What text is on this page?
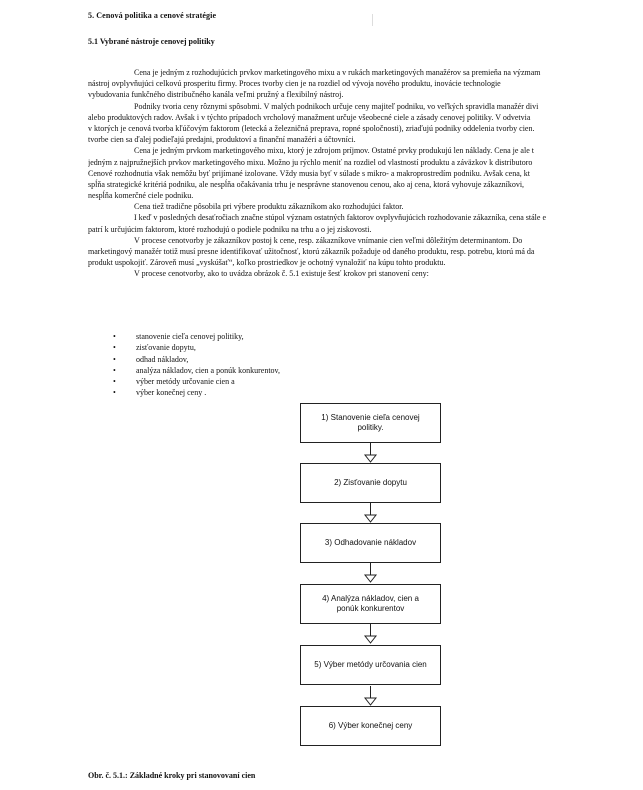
5. Cenová politika a cenové stratégie
5.1 Vybrané nástroje cenovej politiky
Cena je jedným z rozhodujúcich prvkov marketingového mixu a v rukách marketingových manažérov sa premieňa na výzmam
nástroj ovplyvňujúci celkovú prosperitu firmy. Proces tvorby cien je na rozdiel od vývoja nového produktu, inovácie technologie
vybudovania funkčného distribučného kanála veľmi pružný a flexibilný nástroj.
Podniky tvoria ceny rôznymi spôsobmi. V malých podnikoch určuje ceny majiteľ podniku, vo veľkých spravidla manažér divi
alebo produktových radov. Avšak i v týchto prípadoch vrcholový manažment určuje všeobecné ciele a zásady cenovej politiky. V odvetvia
v ktorých je cenová tvorba kľúčovým faktorom (letecká a železničná preprava, ropné spoločnosti), zriaďujú podniky oddelenia tvorby cien.
tvorbe cien sa ďalej podieľajú predajni, produktoví a finanční manažéri a účtovníci.
Cena je jedným prvkom marketingového mixu, ktorý je zdrojom príjmov. Ostatné prvky produkujú len náklady. Cena je ale t
jedným z najpružnejších prvkov marketingového mixu. Možno ju rýchlo meniť na rozdiel od vlastností produktu a záväzkov k distributoro
Cenové rozhodnutia však nemôžu byť prijímané izolovane. Vždy musia byť v súlade s mikro- a makroprostredím podniku. Avšak cena, kt
spĺňa strategické kritériá podniku, ale nespĺňa očakávania trhu je nesprávne stanovenou cenou, ako aj cena, ktorá vyhovuje zákazníkovi,
nespĺňa komerčné ciele podniku.
Cena tiež tradične pôsobila pri výbere produktu zákazníkom ako rozhodujúci faktor.
I keď v posledných desaťročiach značne stúpol význam ostatných faktorov ovplyvňujúcich rozhodovanie zákazníka, cena stále e
patrí k určujúcim faktorom, ktoré rozhodujú o podiele podniku na trhu a o jej ziskovosti.
V procese cenotvorby je zákazníkov postoj k cene, resp. zákazníkove vnímanie cien veľmi dôležitým determinantom. Do
marketingový manažér totiž musí presne identifikovať užitočnosť, ktorú zákazník požaduje od daného produktu, resp. potrebu, ktorú má da
produkt uspokojiť. Zároveň musí „vyskúšať“, koľko prostriedkov je ochotný vynaložiť na kúpu tohto produktu.
V procese cenotvorby, ako to uvádza obrázok č. 5.1 existuje šesť krokov pri stanovení ceny:
•	stanovenie cieľa cenovej politiky,
•	zisťovanie dopytu,
•	odhad nákladov,
•	analýza nákladov, cien a ponúk konkurentov,
•	výber metódy určovanie cien a
•	výber konečnej ceny .
1) Stanovenie cieľa cenovej politiky.
2) Zisťovanie dopytu
3) Odhadovanie nákladov
4) Analýza nákladov, cien a ponúk konkurentov
5) Výber metódy určovania cien
6) Výber konečnej ceny
Obr. č. 5.1.: Základné kroky pri stanovovaní cien
